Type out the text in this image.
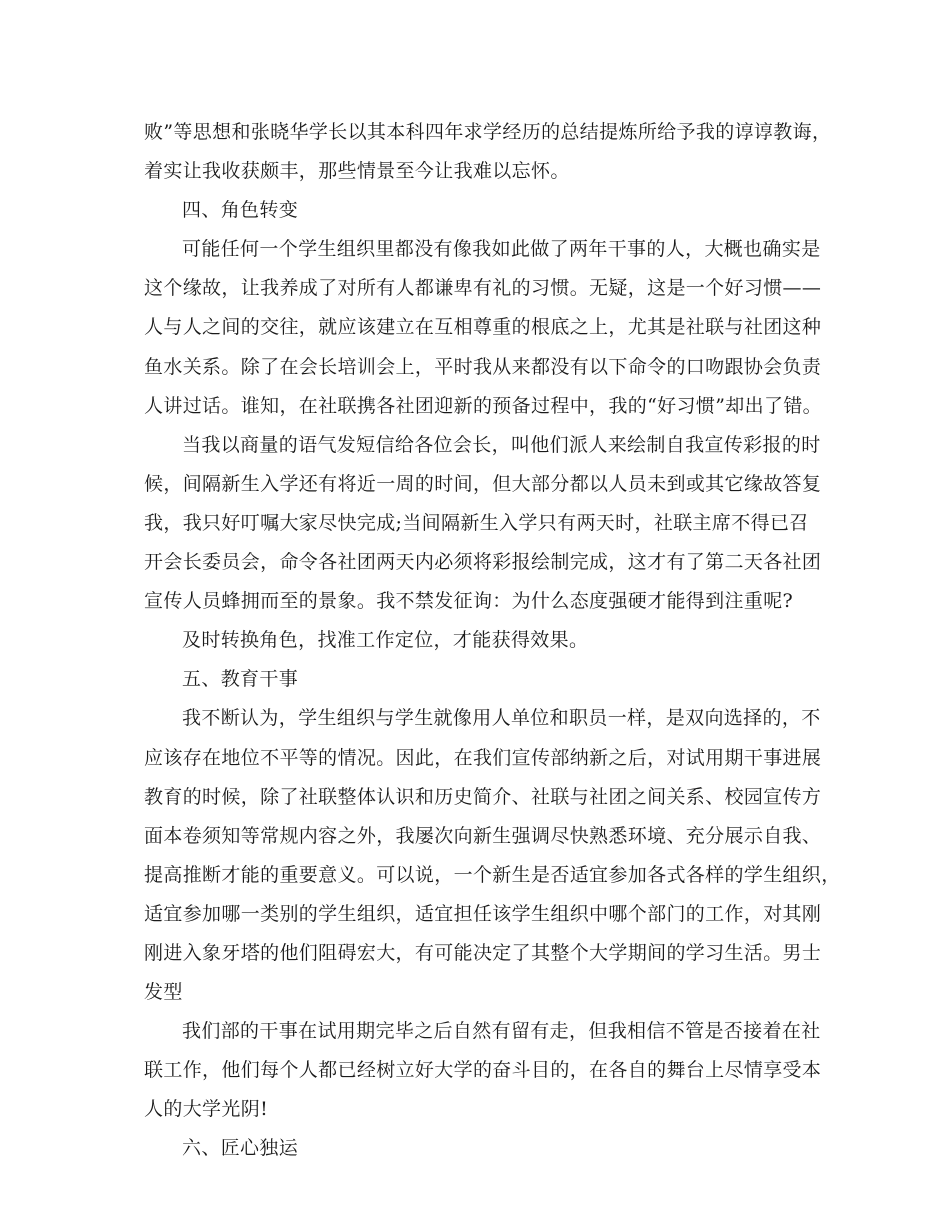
败”等思想和张晓华学长以其本科四年求学经历的总结提炼所给予我的谆谆教诲，
着实让我收获颇丰，那些情景至今让我难以忘怀。
四、角色转变
可能任何一个学生组织里都没有像我如此做了两年干事的人，大概也确实是
这个缘故，让我养成了对所有人都谦卑有礼的习惯。无疑，这是一个好习惯——
人与人之间的交往，就应该建立在互相尊重的根底之上，尤其是社联与社团这种
鱼水关系。除了在会长培训会上，平时我从来都没有以下命令的口吻跟协会负责
人讲过话。谁知，在社联携各社团迎新的预备过程中，我的“好习惯”却出了错。
当我以商量的语气发短信给各位会长，叫他们派人来绘制自我宣传彩报的时
候，间隔新生入学还有将近一周的时间，但大部分都以人员未到或其它缘故答复
我，我只好叮嘱大家尽快完成;当间隔新生入学只有两天时，社联主席不得已召
开会长委员会，命令各社团两天内必须将彩报绘制完成，这才有了第二天各社团
宣传人员蜂拥而至的景象。我不禁发征询：为什么态度强硬才能得到注重呢?
及时转换角色，找准工作定位，才能获得效果。
五、教育干事
我不断认为，学生组织与学生就像用人单位和职员一样，是双向选择的，不
应该存在地位不平等的情况。因此，在我们宣传部纳新之后，对试用期干事进展
教育的时候，除了社联整体认识和历史简介、社联与社团之间关系、校园宣传方
面本卷须知等常规内容之外，我屡次向新生强调尽快熟悉环境、充分展示自我、
提高推断才能的重要意义。可以说，一个新生是否适宜参加各式各样的学生组织，
适宜参加哪一类别的学生组织，适宜担任该学生组织中哪个部门的工作，对其刚
刚进入象牙塔的他们阻碍宏大，有可能决定了其整个大学期间的学习生活。男士
发型
我们部的干事在试用期完毕之后自然有留有走，但我相信不管是否接着在社
联工作，他们每个人都已经树立好大学的奋斗目的，在各自的舞台上尽情享受本
人的大学光阴!
六、匠心独运
